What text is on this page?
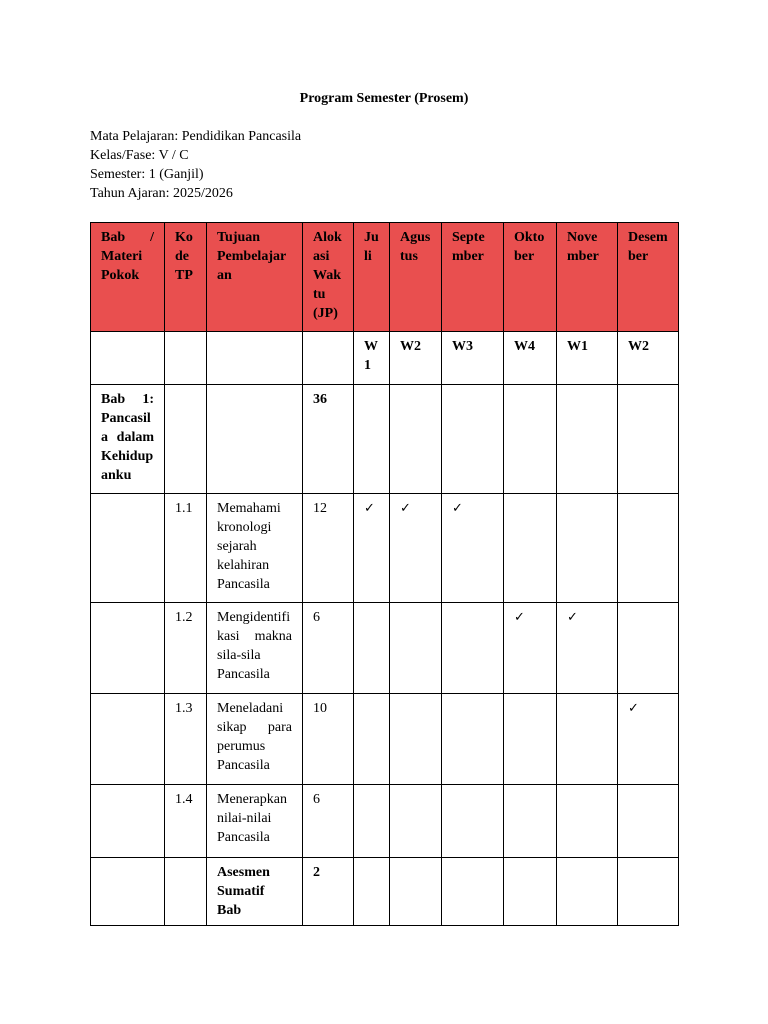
Program Semester (Prosem)
Mata Pelajaran: Pendidikan Pancasila
Kelas/Fase: V / C
Semester: 1 (Ganjil)
Tahun Ajaran: 2025/2026
Bab / Materi Pokok	Kode TP	Tujuan Pembelajaran	Alokasi Waktu (JP)	Juli	Agustus	September	Oktober	November	Desember
				W1	W2	W3	W4	W1	W2
Bab 1: Pancasila dalam Kehidupanku			36						
	1.1	Memahami kronologi sejarah kelahiran Pancasila	12	✓	✓	✓			
	1.2	Mengidentifikasi makna sila-sila Pancasila	6				✓	✓	
	1.3	Meneladani sikap para perumus Pancasila	10						✓
	1.4	Menerapkan nilai-nilai Pancasila	6						
		Asesmen Sumatif Bab	2						
